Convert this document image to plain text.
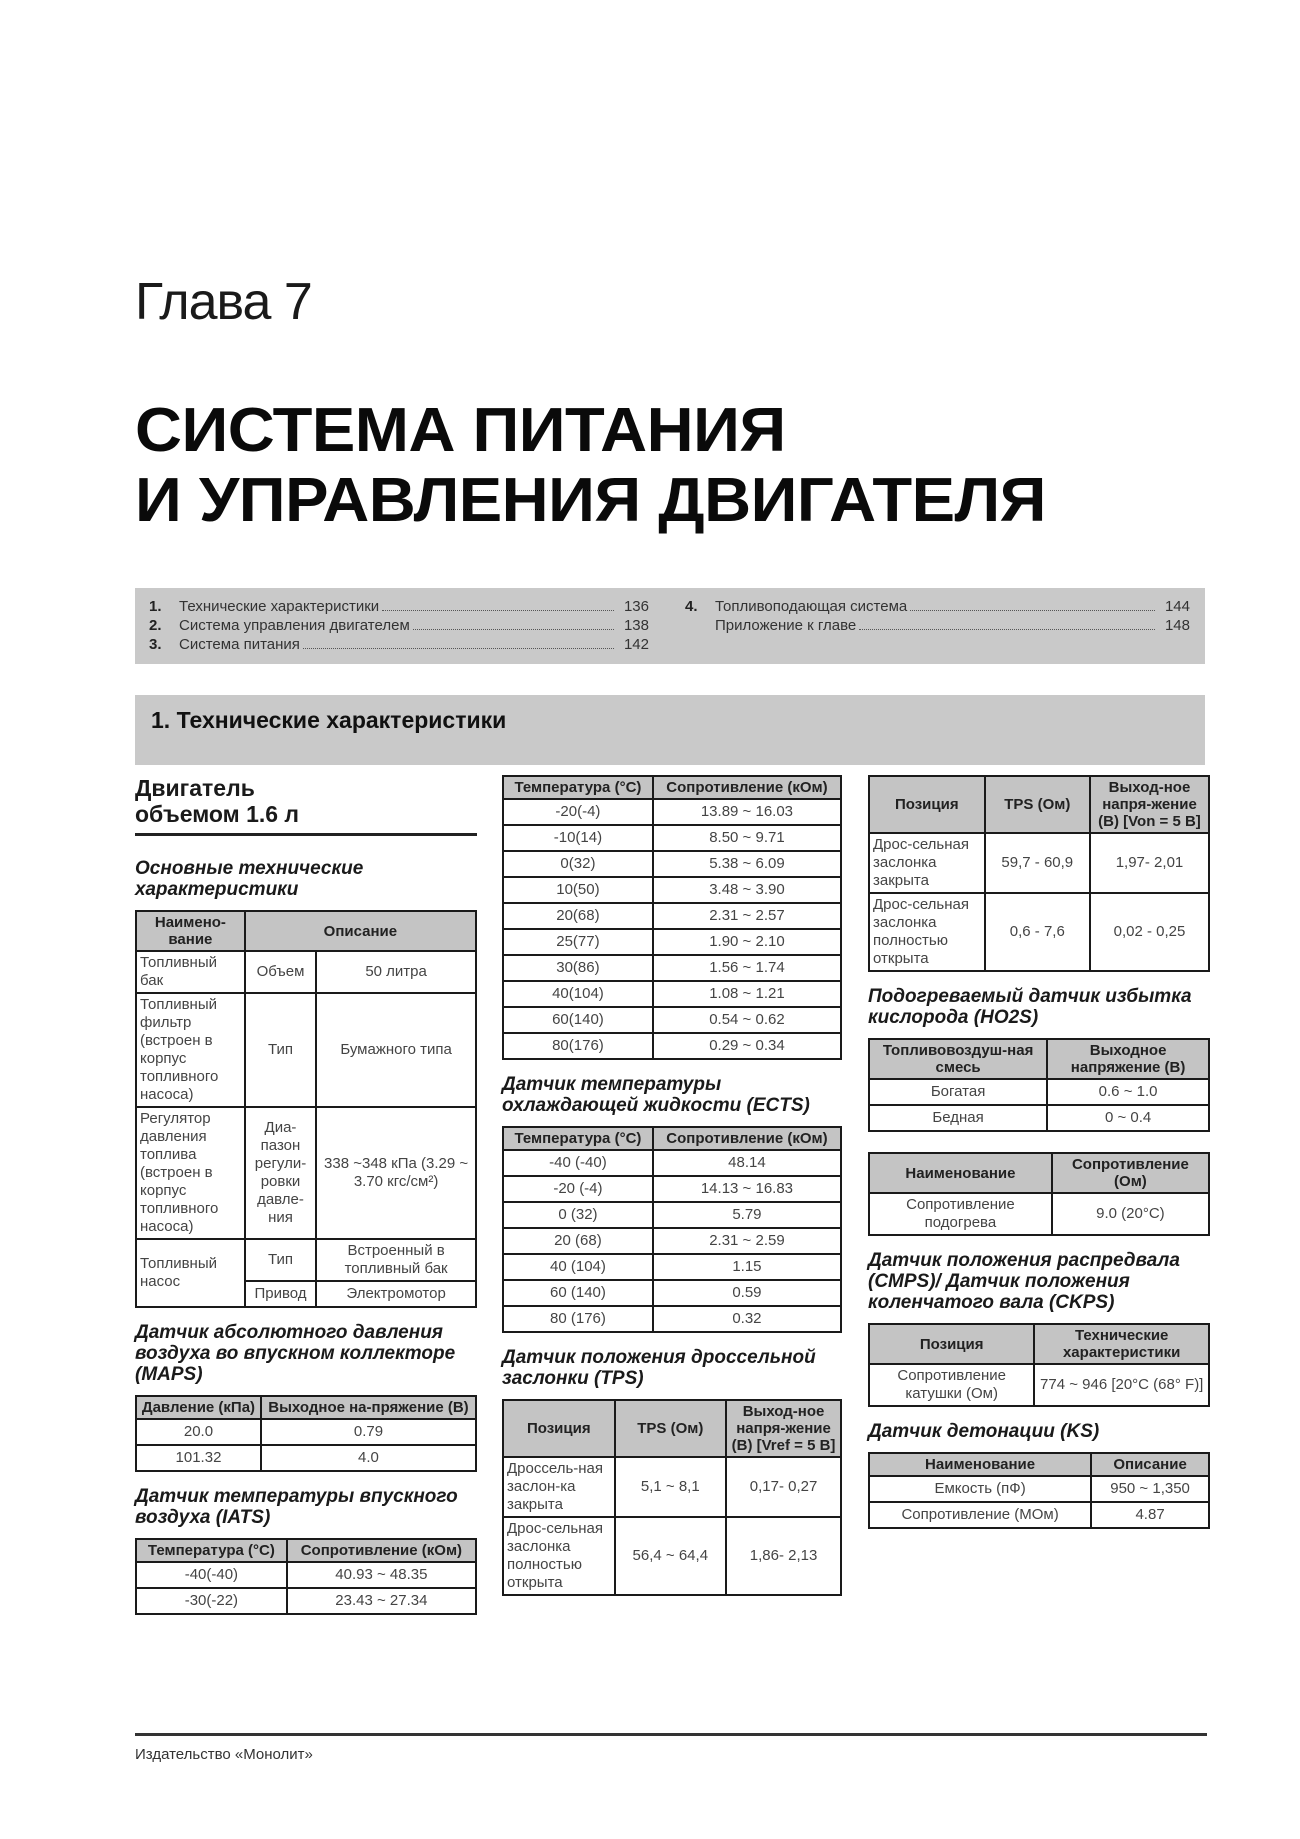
Глава 7
СИСТЕМА ПИТАНИЯ
И УПРАВЛЕНИЯ ДВИГАТЕЛЯ
1.	Технические характеристики	136
2.	Система управления двигателем	138
3.	Система питания	142
4.	Топливоподающая система	144
Приложение к главе	148
1. Технические характеристики
Двигатель
объемом 1.6 л
Основные технические характеристики
Наимено-вание	Описание	
Топливный бак	Объем	50 литра
Топливный фильтр (встроен в корпус топливного насоса)	Тип	Бумажного типа
Регулятор давления топлива (встроен в корпус топливного насоса)	Диа-пазон регули-ровки давле-ния	338 ~348 кПа (3.29 ~ 3.70 кгс/см²)
Топливный насос	Тип	Встроенный в топливный бак
	Привод	Электромотор
Датчик абсолютного давления воздуха во впускном коллекторе (MAPS)
Давление (кПа)	Выходное на-пряжение (В)
20.0	0.79
101.32	4.0
Датчик температуры впускного воздуха (IATS)
Температура (°С)	Сопротивление (кОм)
-40(-40)	40.93 ~ 48.35
-30(-22)	23.43 ~ 27.34
Температура (°С)	Сопротивление (кОм)
-20(-4)	13.89 ~ 16.03
-10(14)	8.50 ~ 9.71
0(32)	5.38 ~ 6.09
10(50)	3.48 ~ 3.90
20(68)	2.31 ~ 2.57
25(77)	1.90 ~ 2.10
30(86)	1.56 ~ 1.74
40(104)	1.08 ~ 1.21
60(140)	0.54 ~ 0.62
80(176)	0.29 ~ 0.34
Датчик температуры охлаждающей жидкости (ECTS)
Температура (°С)	Сопротивление (кОм)
-40 (-40)	48.14
-20 (-4)	14.13 ~ 16.83
0 (32)	5.79
20 (68)	2.31 ~ 2.59
40 (104)	1.15
60 (140)	0.59
80 (176)	0.32
Датчик положения дроссельной заслонки (TPS)
Позиция	TPS (Ом)	Выход-ное напря-жение (В) [Vref = 5 В]
Дроссель-ная заслон-ка закрыта	5,1 ~ 8,1	0,17- 0,27
Дрос-сельная заслонка полностью открыта	56,4 ~ 64,4	1,86- 2,13
Позиция	TPS (Ом)	Выход-ное напря-жение (В) [Von = 5 В]
Дрос-сельная заслонка закрыта	59,7 - 60,9	1,97- 2,01
Дрос-сельная заслонка полностью открыта	0,6 - 7,6	0,02 - 0,25
Подогреваемый датчик избытка кислорода (HO2S)
Топливовоздуш-ная смесь	Выходное напряжение (В)
Богатая	0.6 ~ 1.0
Бедная	0 ~ 0.4
Наименование	Сопротивление (Ом)
Сопротивление подогрева	9.0 (20°С)
Датчик положения распредвала (CMPS)/ Датчик положения коленчатого вала (CKPS)
Позиция	Технические характеристики
Сопротивление катушки (Ом)	774 ~ 946 [20°С (68° F)]
Датчик детонации (KS)
Наименование	Описание
Емкость (пФ)	950 ~ 1,350
Сопротивление (МОм)	4.87
Издательство «Монолит»
